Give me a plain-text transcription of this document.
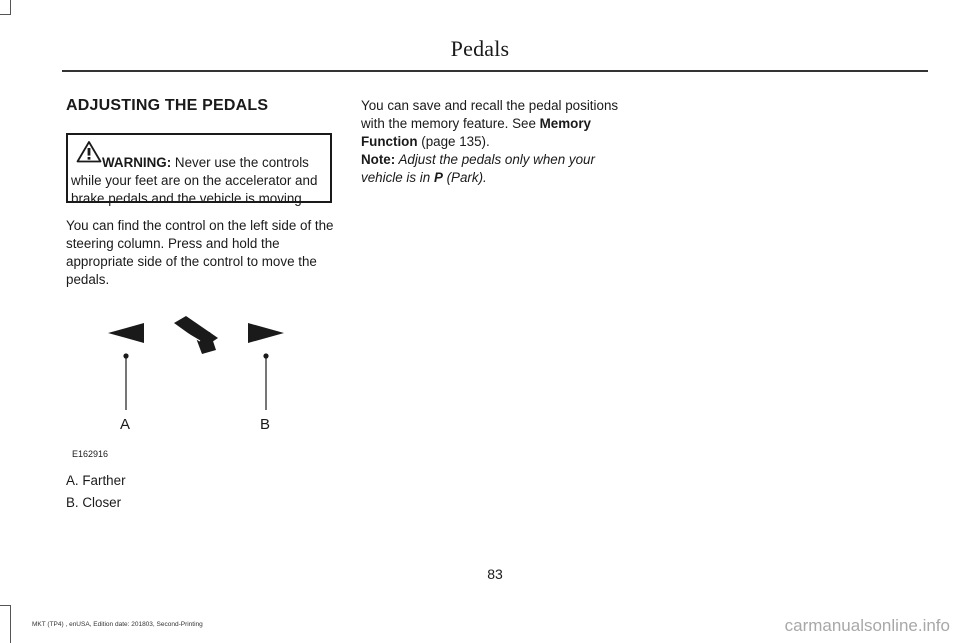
Pedals
ADJUSTING THE PEDALS
WARNING: Never use the controls while your feet are on the accelerator and brake pedals and the vehicle is moving.

You can find the control on the left side of the steering column. Press and hold the appropriate side of the control to move the pedals.

A	B
E162916

A. Farther

B. Closer

You can save and recall the pedal positions with the memory feature. See Memory Function (page 135).

Note: Adjust the pedals only when your vehicle is in P (Park).

83
MKT (TP4) , enUSA, Edition date: 201803, Second-Printing	carmanualsonline.info
